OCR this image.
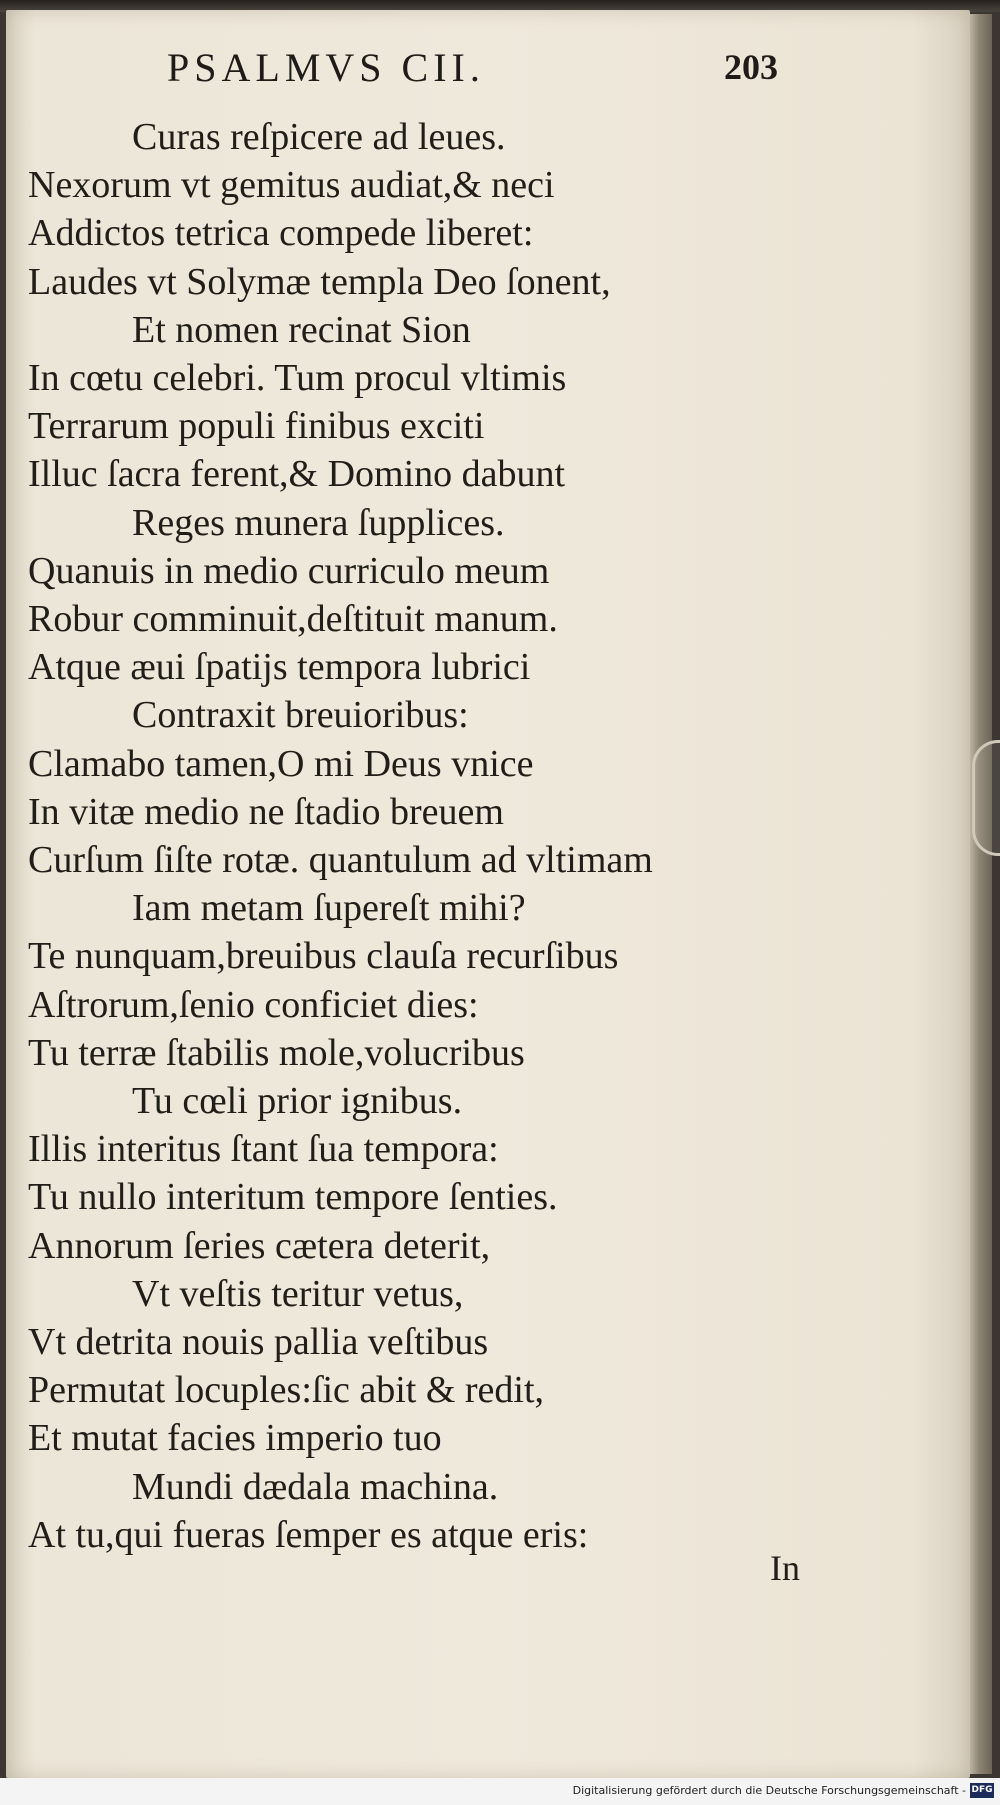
PSALMVS CII.	203
Curas reſpicere ad leues.
Nexorum vt gemitus audiat,& neci
Addictos tetrica compede liberet:
Laudes vt Solymæ templa Deo ſonent,
Et nomen recinat Sion
In cœtu celebri. Tum procul vltimis
Terrarum populi finibus exciti
Illuc ſacra ferent,& Domino dabunt
Reges munera ſupplices.
Quanuis in medio curriculo meum
Robur comminuit,deſtituit manum.
Atque æui ſpatijs tempora lubrici
Contraxit breuioribus:
Clamabo tamen,O mi Deus vnice
In vitæ medio ne ſtadio breuem
Curſum ſiſte rotæ. quantulum ad vltimam
Iam metam ſupereſt mihi?
Te nunquam,breuibus clauſa recurſibus
Aſtrorum,ſenio conficiet dies:
Tu terræ ſtabilis mole,volucribus
Tu cœli prior ignibus.
Illis interitus ſtant ſua tempora:
Tu nullo interitum tempore ſenties.
Annorum ſeries cætera deterit,
Vt veſtis teritur vetus,
Vt detrita nouis pallia veſtibus
Permutat locuples:ſic abit & redit,
Et mutat facies imperio tuo
Mundi dædala machina.
At tu,qui fueras ſemper es atque eris:
In
Digitalisierung gefördert durch die Deutsche Forschungsgemeinschaft - DFG
